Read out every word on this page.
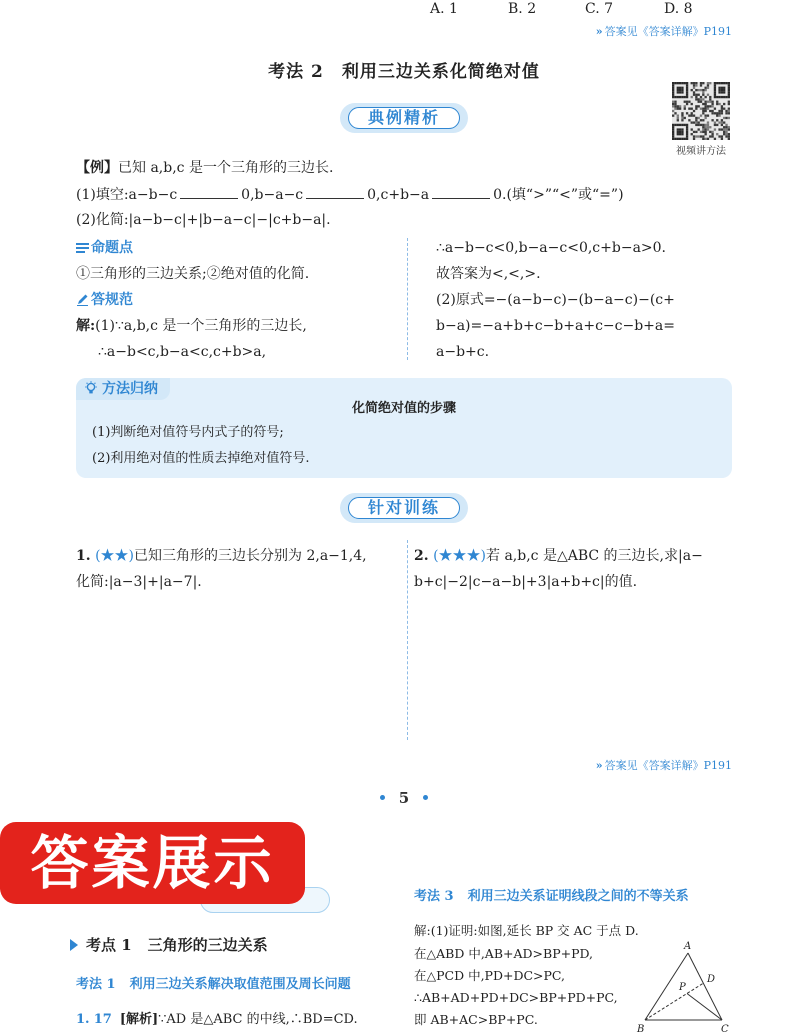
A. 1	B. 2	C. 7	D. 8
» 答案见《答案详解》P191
考法 2 利用三边关系化简绝对值
视频讲方法
典例精析
【例】已知 a,b,c 是一个三角形的三边长.
(1)填空:a−b−c	0,b−a−c	0,c+b−a	0.(填“>”“<”或“=”)
(2)化简:|a−b−c|+|b−a−c|−|c+b−a|.
命题点
①三角形的三边关系;②绝对值的化简.
答规范
解:(1)∵a,b,c 是一个三角形的三边长,
∴a−b<c,b−a<c,c+b>a,
∴a−b−c<0,b−a−c<0,c+b−a>0.
故答案为<,<,>.
(2)原式=−(a−b−c)−(b−a−c)−(c+
b−a)=−a+b+c−b+a+c−c−b+a=
a−b+c.
方法归纳
化简绝对值的步骤
(1)判断绝对值符号内式子的符号;
(2)利用绝对值的性质去掉绝对值符号.
针对训练
1. (★★)已知三角形的三边长分别为 2,a−1,4,
化简:|a−3|+|a−7|.
2. (★★★)若 a,b,c 是△ABC 的三边长,求|a−
b+c|−2|c−a−b|+3|a+b+c|的值.
» 答案见《答案详解》P191
5
答案展示	考法 3 利用三边关系证明线段之间的不等关系
解:(1)证明:如图,延长 BP 交 AC 于点 D.
在△ABD 中,AB+AD>BP+PD,
在△PCD 中,PD+DC>PC,
∴AB+AD+PD+DC>BP+PD+PC,
即 AB+AC>BP+PC.
A
B	C
D
P
考点 1 三角形的三边关系
考法 1 利用三边关系解决取值范围及周长问题
1. 17 [解析]∵AD 是△ABC 的中线,∴BD=CD.
